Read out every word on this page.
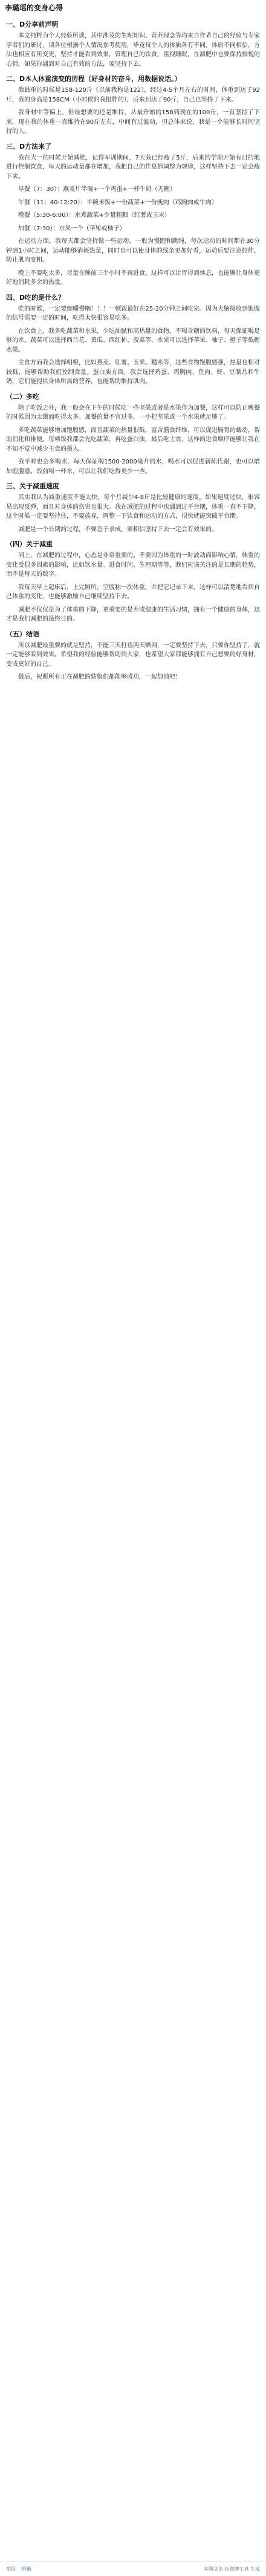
李璐瑶的变身心得
一、D分享前声明

本文纯粹为个人经验所谈，其中涉及的生理知识、营养理念等均来自作者自己的经验与专家学者们的研讨，请各位根据个人情况参考使用，毕竟每个人的体质各有不同，体质不同相信，方法也相应有所变更，坚持才能看到效果，管理自己的饮食，重视睡眠，在减肥中也要保持愉悦的心情，如果你遇到对自己有效的方法，要坚持下去。

二、D本人体重演变的历程（好身材的奋斗，用数据说话。）

我最重的时候是158-120斤（以前我称是122），经过4-5个月左右的时间，体重到达了92斤，我的身高是158CM（小时候的我挺胖的），后来到达了90斤，自己也坚持了下来。

我身材中等偏上，但最想要的还是维持，从最开始的158到现在的100斤，一直坚持了下来。现在我的体重一直维持在90斤左右，中间有过波动，但总体来说，我是一个能够长时间坚持的人。

三、D方法来了

我在大一的时候开始减肥，记得军训期间，7天我已经瘦了5斤，后来的学期开始有目的地进行控制饮食，每天的运动量都在增加，我把自己的作息都调整为规律，这样坚持下去一定会瘦下来。

早餐（7：30）：燕麦片半碗+一个鸡蛋+一杯牛奶（无糖）

午餐（11：40-12:20）：半碗米饭+一份蔬菜+一份瘦肉（鸡胸肉或牛肉）

晚餐（5:30-6:00）：水煮蔬菜+少量粗粮（红薯或玉米）

加餐（7:30）：水果一个（苹果或柚子）

在运动方面，我每天都会坚持做一些运动，一般为慢跑和跳绳，每次运动的时间都在30分钟到1小时之间，运动能够消耗热量，同时也可以使身体的线条更加好看，运动后要注意拉伸，防止肌肉变粗。

晚上不要吃太多，尽量在睡前三个小时不再进食，这样可以让胃得到休息，也能够让身体更好地消耗多余的热量。

四、D吃的是什么？

吃的时候，一定要细嚼慢咽！！！一顿饭最好在25-20分钟之间吃完。因为大脑接收到饱腹的信号需要一定的时间，吃得太快很容易吃多。

在饮食上，我多吃蔬菜和水果，少吃油腻和高热量的食物，不喝含糖的饮料，每天保证喝足够的水。蔬菜可以选择西兰花、黄瓜、西红柿、菠菜等，水果可以选择苹果、柚子、橙子等低糖水果。

主食方面我会选择粗粮，比如燕麦、红薯、玉米、糙米等，这些食物饱腹感强，热量也相对较低，能够帮助我们控制食量。蛋白质方面，我会选择鸡蛋、鸡胸肉、鱼肉、虾、豆制品和牛奶，它们能提供身体所需的营养，也能帮助维持肌肉。

（二）多吃

除了吃饭之外，我一般会在下午的时候吃一些坚果或者是水果作为加餐，这样可以防止晚餐的时候因为太饿而吃得太多。加餐的量不宜过多，一小把坚果或一个水果就足够了。

多吃蔬菜能够增加饱腹感，而且蔬菜的热量很低，富含膳食纤维，可以促进肠胃的蠕动，帮助消化和排便。每顿饭我都会先吃蔬菜，再吃蛋白质，最后吃主食，这样的进食顺序能够让我在不知不觉中减少主食的摄入。

我平时也会多喝水，每天保证喝1500-2000毫升的水，喝水可以促进新陈代谢，也可以增加饱腹感。饭前喝一杯水，可以让我们吃得更少一些。

三、关于减重速度

其实我认为减重速度不能太快，每个月减少4-8斤是比较健康的速度。如果速度过快，很容易出现反弹，而且对身体的伤害也很大。我在减肥的过程中也遇到过平台期，体重一直不下降，这个时候一定要坚持住，不要放弃，调整一下饮食和运动的方式，很快就能突破平台期。

减肥是一个长期的过程，不要急于求成，要相信坚持下去一定会有效果的。

（四）关于减重

同上，在减肥的过程中，心态是非常重要的。不要因为体重的一时波动而影响心情，体重的变化受很多因素的影响，比如饮水量、进食时间、生理期等等，我们应该关注的是长期的趋势，而不是每天的数字。

我每天早上起床后，上完厕所，空腹称一次体重，并把它记录下来，这样可以清楚地看到自己体重的变化，也能够激励自己继续坚持下去。

减肥不仅仅是为了体重的下降，更重要的是养成健康的生活习惯，拥有一个健康的身体，这才是我们减肥的最终目的。

（五）结语

所以减肥最重要的就是坚持，不能三天打鱼两天晒网，一定要坚持下去，只要你坚持了，就一定能够看到效果。希望我的经验能够帮助到大家，也希望大家都能够拥有自己想要的好身材，变成更好的自己。

最后，祝愿所有正在减肥的姑娘们都能够成功，一起加油吧！

举报 屏蔽	本图文由 长微博工具 生成
